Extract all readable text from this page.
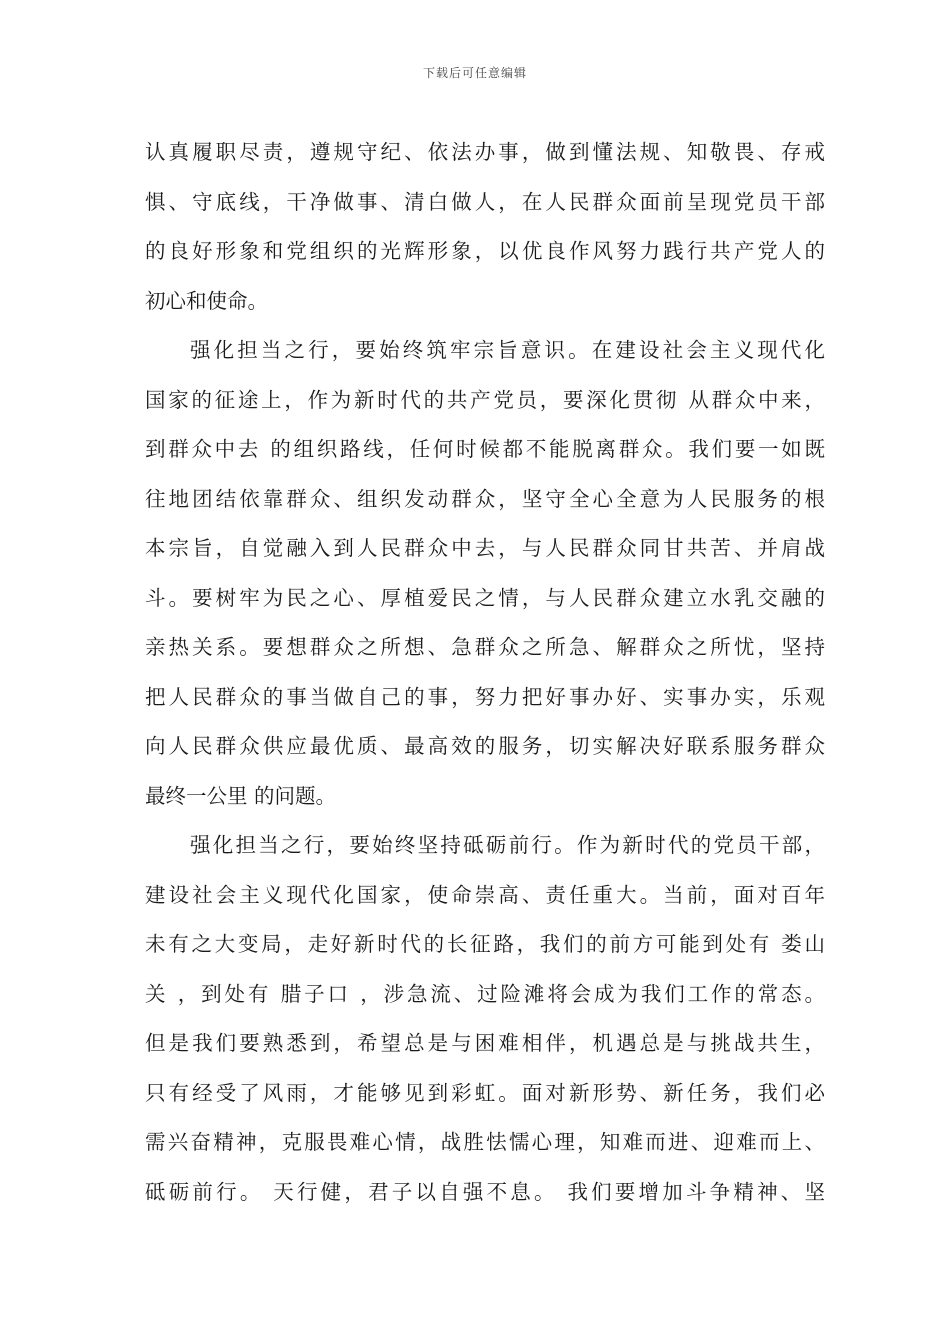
下载后可任意编辑
认真履职尽责，遵规守纪、依法办事，做到懂法规、知敬畏、存戒
惧、守底线，干净做事、清白做人，在人民群众面前呈现党员干部
的良好形象和党组织的光辉形象，以优良作风努力践行共产党人的
初心和使命。
强化担当之行，要始终筑牢宗旨意识。在建设社会主义现代化
国家的征途上，作为新时代的共产党员，要深化贯彻 从群众中来，
到群众中去 的组织路线，任何时候都不能脱离群众。我们要一如既
往地团结依靠群众、组织发动群众，坚守全心全意为人民服务的根
本宗旨，自觉融入到人民群众中去，与人民群众同甘共苦、并肩战
斗。要树牢为民之心、厚植爱民之情，与人民群众建立水乳交融的
亲热关系。要想群众之所想、急群众之所急、解群众之所忧，坚持
把人民群众的事当做自己的事，努力把好事办好、实事办实，乐观
向人民群众供应最优质、最高效的服务，切实解决好联系服务群众
最终一公里 的问题。
强化担当之行，要始终坚持砥砺前行。作为新时代的党员干部，
建设社会主义现代化国家，使命崇高、责任重大。当前，面对百年
未有之大变局，走好新时代的长征路，我们的前方可能到处有 娄山
关 ，到处有 腊子口 ，涉急流、过险滩将会成为我们工作的常态。
但是我们要熟悉到，希望总是与困难相伴，机遇总是与挑战共生，
只有经受了风雨，才能够见到彩虹。面对新形势、新任务，我们必
需兴奋精神，克服畏难心情，战胜怯懦心理，知难而进、迎难而上、
砥砺前行。 天行健，君子以自强不息。 我们要增加斗争精神、坚
